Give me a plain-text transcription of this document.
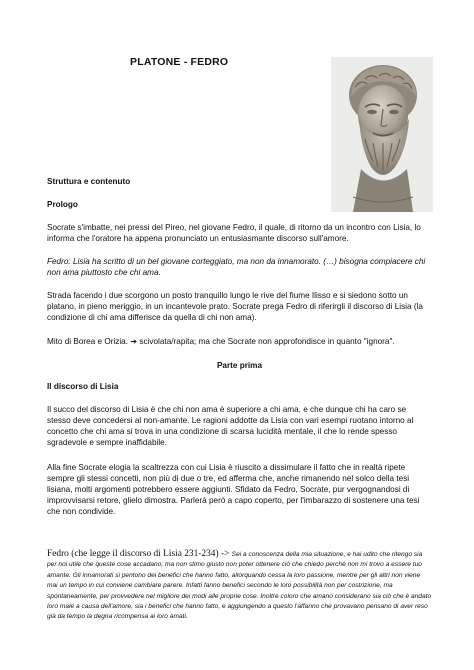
PLATONE - FEDRO
Struttura e contenuto
Prologo

Socrate s'imbatte, nei pressi del Pireo, nel giovane Fedro, il quale, di ritorno da un incontro con Lisia, lo informa che l'oratore ha appena pronunciato un entusiasmante discorso sull'amore.

Fedro: Lisia ha scritto di un bel giovane corteggiato, ma non da innamorato. (…) bisogna compiacere chi non ama piuttosto che chi ama.

Strada facendo i due scorgono un posto tranquillo lungo le rive del fiume Ilisso e si siedono sotto un platano, in pieno meriggio, in un incantevole prato. Socrate prega Fedro di riferirgli il discorso di Lisia (la condizione di chi ama differisce da quella di chi non ama).

Mito di Borea e Orizia. ➔ scivolata/rapita; ma che Socrate non approfondisce in quanto "ignora".

Parte prima
Il discorso di Lisia

Il succo del discorso di Lisia è che chi non ama è superiore a chi ama, e che dunque chi ha caro se stesso deve concedersi al non-amante. Le ragioni addotte da Lisia con vari esempi ruotano intorno al concetto che chi ama si trova in una condizione di scarsa lucidità mentale, il che lo rende spesso sgradevole e sempre inaffidabile.

Alla fine Socrate elogia la scaltrezza con cui Lisia è riuscito a dissimulare il fatto che in realtà ripete sempre gli stessi concetti, non più di due o tre, ed afferma che, anche rimanendo nel solco della tesi lisiana, molti argomenti potrebbero essere aggiunti. Sfidato da Fedro, Socrate, pur vergognandosi di improvvisarsi retore, glielo dimostra. Parlerà però a capo coperto, per l'imbarazzo di sostenere una tesi che non condivide.

Fedro (che legge il discorso di Lisia 231-234) -> Sei a conoscenza della mia situazione, e hai udito che ritengo sia per noi utile che queste cose accadano; ma non stimo giusto non poter ottenere ciò che chiedo perché non mi trovo a essere tuo amante. Gli innamorati si pentono dei benefici che hanno fatto, allorquando cessa la loro passione, mentre per gli altri non viene mai un tempo in cui conviene cambiare parere. Infatti fanno benefici secondo le loro possibilità non per costrizione, ma spontaneamente, per provvedere nel migliore dei modi alle proprie cose. Inoltre coloro che amano considerano sia ciò che è andato loro male a causa dell'amore, sia i benefici che hanno fatto, e aggiungendo a questo l'affanno che provavano pensano di aver reso già da tempo la degna ricompensa ai loro amati.
